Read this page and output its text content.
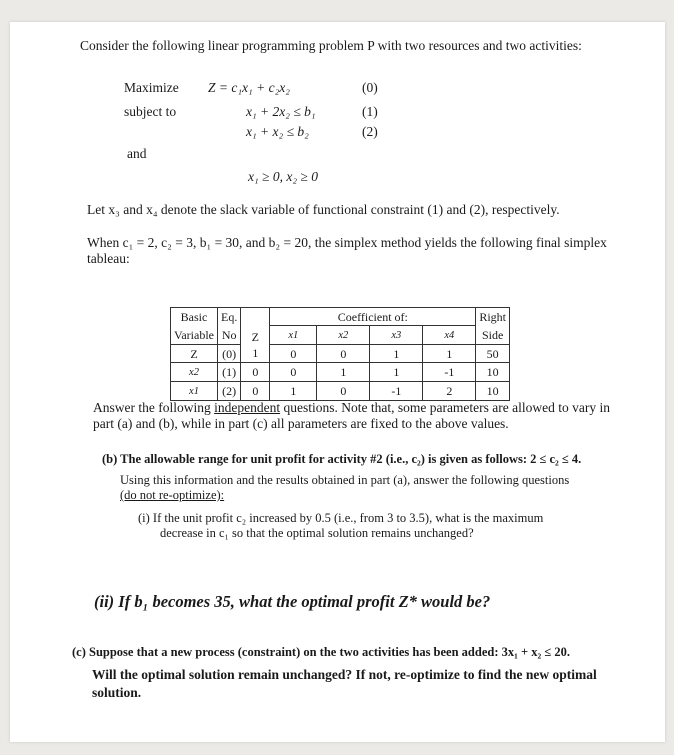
Consider the following linear programming problem P with two resources and two activities:
Maximize Z = c₁x₁ + c₂x₂	(0)
subject to	x₁ + 2x₂ ≤ b₁	(1)
x₁ + x₂ ≤ b₂	(2)
and
x₁ ≥ 0, x₂ ≥ 0
Let x₃ and x₄ denote the slack variable of functional constraint (1) and (2), respectively.
When c₁ = 2, c₂ = 3, b₁ = 30, and b₂ = 20, the simplex method yields the following final simplex
tableau:
Basic	Eq.	Z	Coefficient of:				Right
Variable	No		x1	x2	x3	x4	Side
Z	(0)	1	0	0	1	1	50
x2	(1)	0	0	1	1	-1	10
x1	(2)	0	1	0	-1	2	10
Answer the following independent questions. Note that, some parameters are allowed to vary in
part (a) and (b), while in part (c) all parameters are fixed to the above values.
(b) The allowable range for unit profit for activity #2 (i.e., c₂) is given as follows: 2 ≤ c₂ ≤ 4.
Using this information and the results obtained in part (a), answer the following questions
(do not re-optimize):
(i) If the unit profit c₂ increased by 0.5 (i.e., from 3 to 3.5), what is the maximum
decrease in c₁ so that the optimal solution remains unchanged?
(ii) If b₁ becomes 35, what the optimal profit Z* would be?
(c) Suppose that a new process (constraint) on the two activities has been added: 3x₁ + x₂ ≤ 20.
Will the optimal solution remain unchanged? If not, re-optimize to find the new optimal
solution.
